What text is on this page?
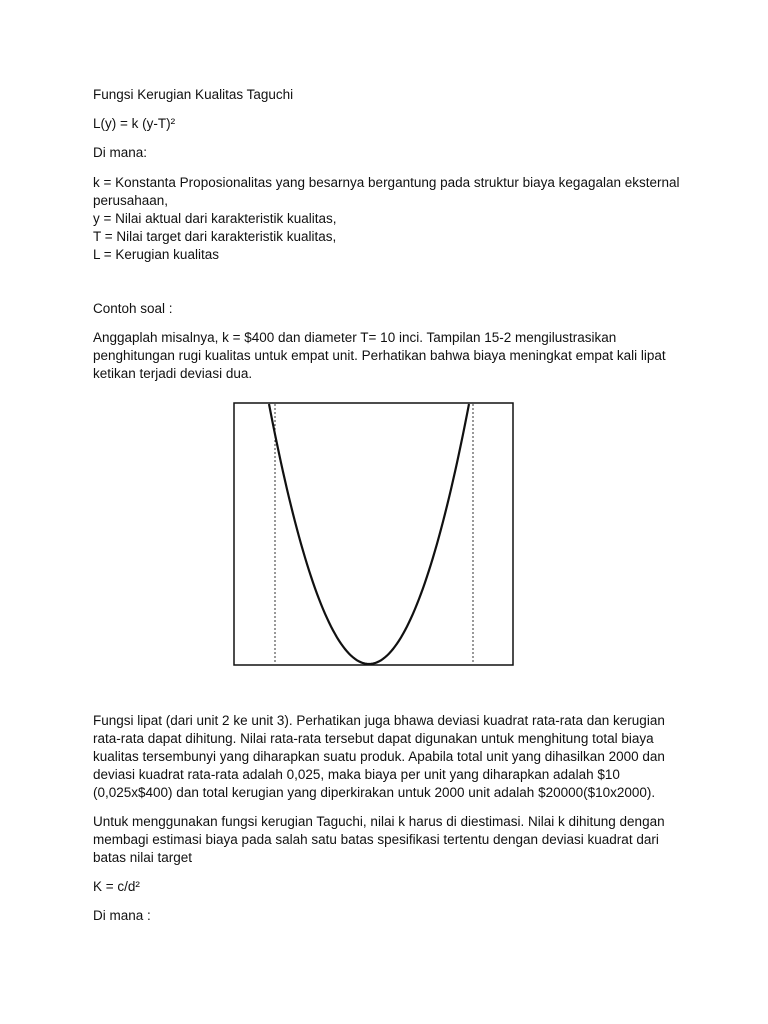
Fungsi Kerugian Kualitas Taguchi

L(y) = k (y-T)²

Di mana:

k = Konstanta Proposionalitas yang besarnya bergantung pada struktur biaya kegagalan eksternal perusahaan,
y = Nilai aktual dari karakteristik kualitas,
T = Nilai target dari karakteristik kualitas,
L = Kerugian kualitas

Contoh soal :

Anggaplah misalnya, k = $400 dan diameter T= 10 inci. Tampilan 15-2 mengilustrasikan penghitungan rugi kualitas untuk empat unit. Perhatikan bahwa biaya meningkat empat kali lipat ketikan terjadi deviasi dua.

Fungsi lipat (dari unit 2 ke unit 3). Perhatikan juga bhawa deviasi kuadrat rata-rata dan kerugian rata-rata dapat dihitung. Nilai rata-rata tersebut dapat digunakan untuk menghitung total biaya kualitas tersembunyi yang diharapkan suatu produk. Apabila total unit yang dihasilkan 2000 dan deviasi kuadrat rata-rata adalah 0,025, maka biaya per unit yang diharapkan adalah $10 (0,025x$400) dan total kerugian yang diperkirakan untuk 2000 unit adalah $20000($10x2000).

Untuk menggunakan fungsi kerugian Taguchi, nilai k harus di diestimasi. Nilai k dihitung dengan membagi estimasi biaya pada salah satu batas spesifikasi tertentu dengan deviasi kuadrat dari batas nilai target

K = c/d²

Di mana :
